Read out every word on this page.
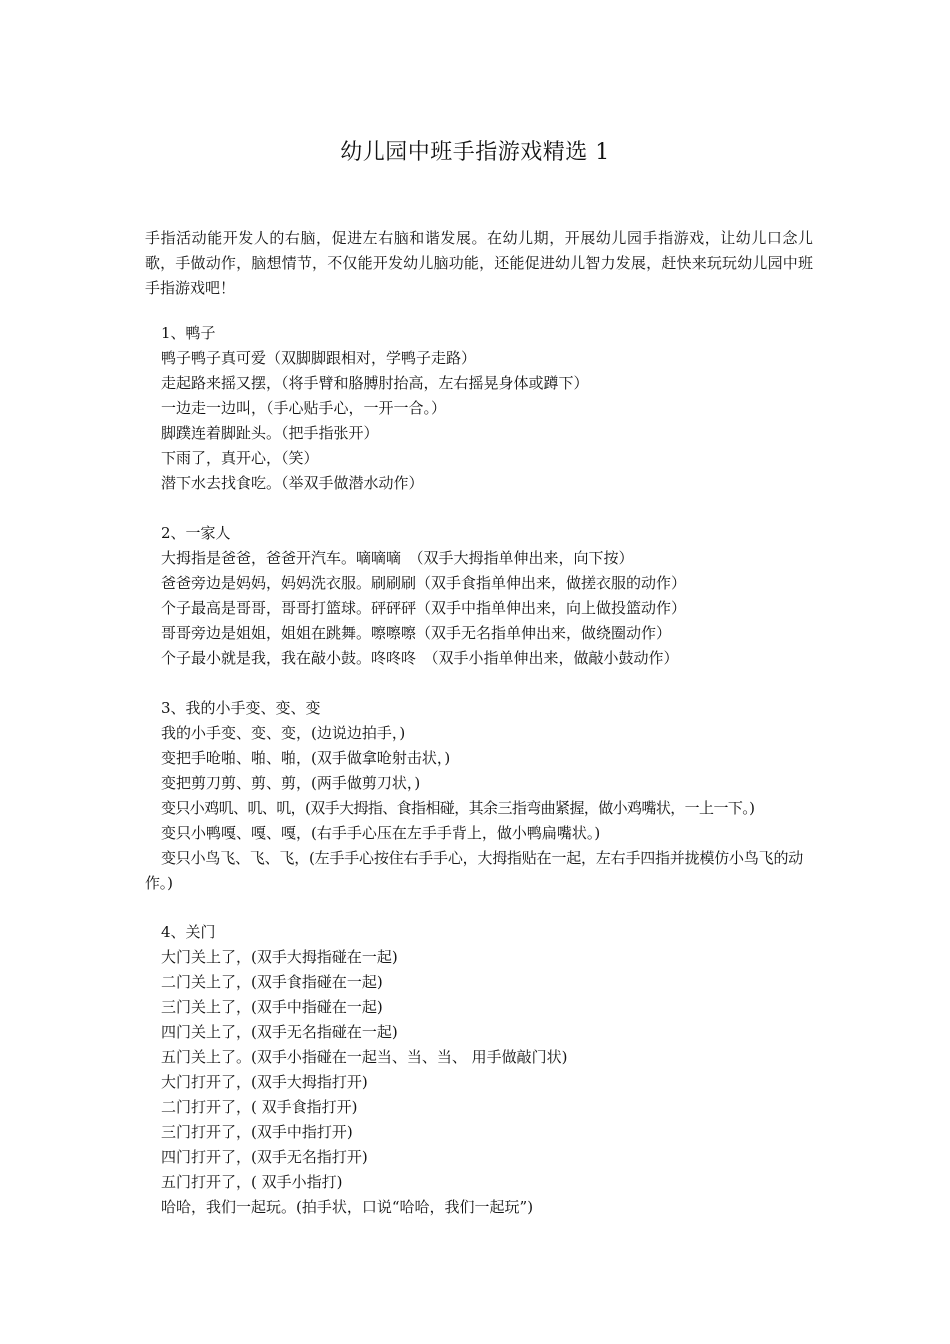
幼儿园中班手指游戏精选 1
手指活动能开发人的右脑，促进左右脑和谐发展。在幼儿期，开展幼儿园手指游戏，让幼儿口念儿歌，手做动作，脑想情节，不仅能开发幼儿脑功能，还能促进幼儿智力发展，赶快来玩玩幼儿园中班手指游戏吧！
1、鸭子
鸭子鸭子真可爱（双脚脚跟相对，学鸭子走路）
走起路来摇又摆，（将手臂和胳膊肘抬高，左右摇晃身体或蹲下）
一边走一边叫，（手心贴手心，一开一合。）
脚蹼连着脚趾头。（把手指张开）
下雨了，真开心，（笑）
潜下水去找食吃。（举双手做潜水动作）
2、一家人
大拇指是爸爸，爸爸开汽车。嘀嘀嘀　（双手大拇指单伸出来，向下按）
爸爸旁边是妈妈，妈妈洗衣服。刷刷刷（双手食指单伸出来，做搓衣服的动作）
个子最高是哥哥，哥哥打篮球。砰砰砰（双手中指单伸出来，向上做投篮动作）
哥哥旁边是姐姐，姐姐在跳舞。嚓嚓嚓（双手无名指单伸出来，做绕圈动作）
个子最小就是我，我在敲小鼓。咚咚咚　（双手小指单伸出来，做敲小鼓动作）
3、我的小手变、变、变
我的小手变、变、变，(边说边拍手，)
变把手呛啪、啪、啪，(双手做拿呛射击状，)
变把剪刀剪、剪、剪，(两手做剪刀状，)
变只小鸡叽、叽、叽，(双手大拇指、食指相碰，其余三指弯曲紧握，做小鸡嘴状，一上一下。)
变只小鸭嘎、嘎、嘎，(右手手心压在左手手背上，做小鸭扁嘴状。)
变只小鸟飞、飞、飞，(左手手心按住右手手心，大拇指贴在一起，左右手四指并拢模仿小鸟飞的动作。)
4、关门
大门关上了，(双手大拇指碰在一起)
二门关上了，(双手食指碰在一起)
三门关上了，(双手中指碰在一起)
四门关上了，(双手无名指碰在一起)
五门关上了。(双手小指碰在一起当、当、当、 用手做敲门状)
大门打开了，(双手大拇指打开)
二门打开了，( 双手食指打开)
三门打开了，(双手中指打开)
四门打开了，(双手无名指打开)
五门打开了，( 双手小指打)
哈哈，我们一起玩。(拍手状，口说“哈哈，我们一起玩”)
